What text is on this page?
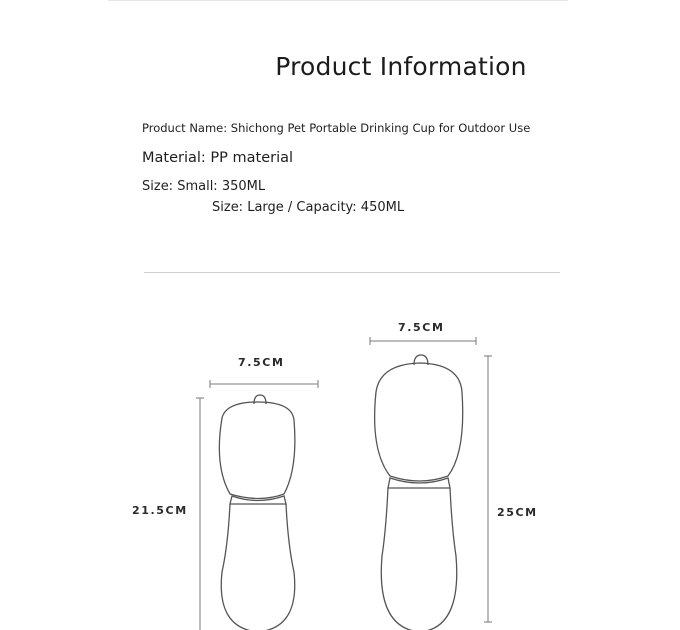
Product Information
Product Name: Shichong Pet Portable Drinking Cup for Outdoor Use
Material: PP material
Size: Small: 350ML
Size: Large / Capacity: 450ML
7.5CM
21.5CM
7.5CM
25CM
